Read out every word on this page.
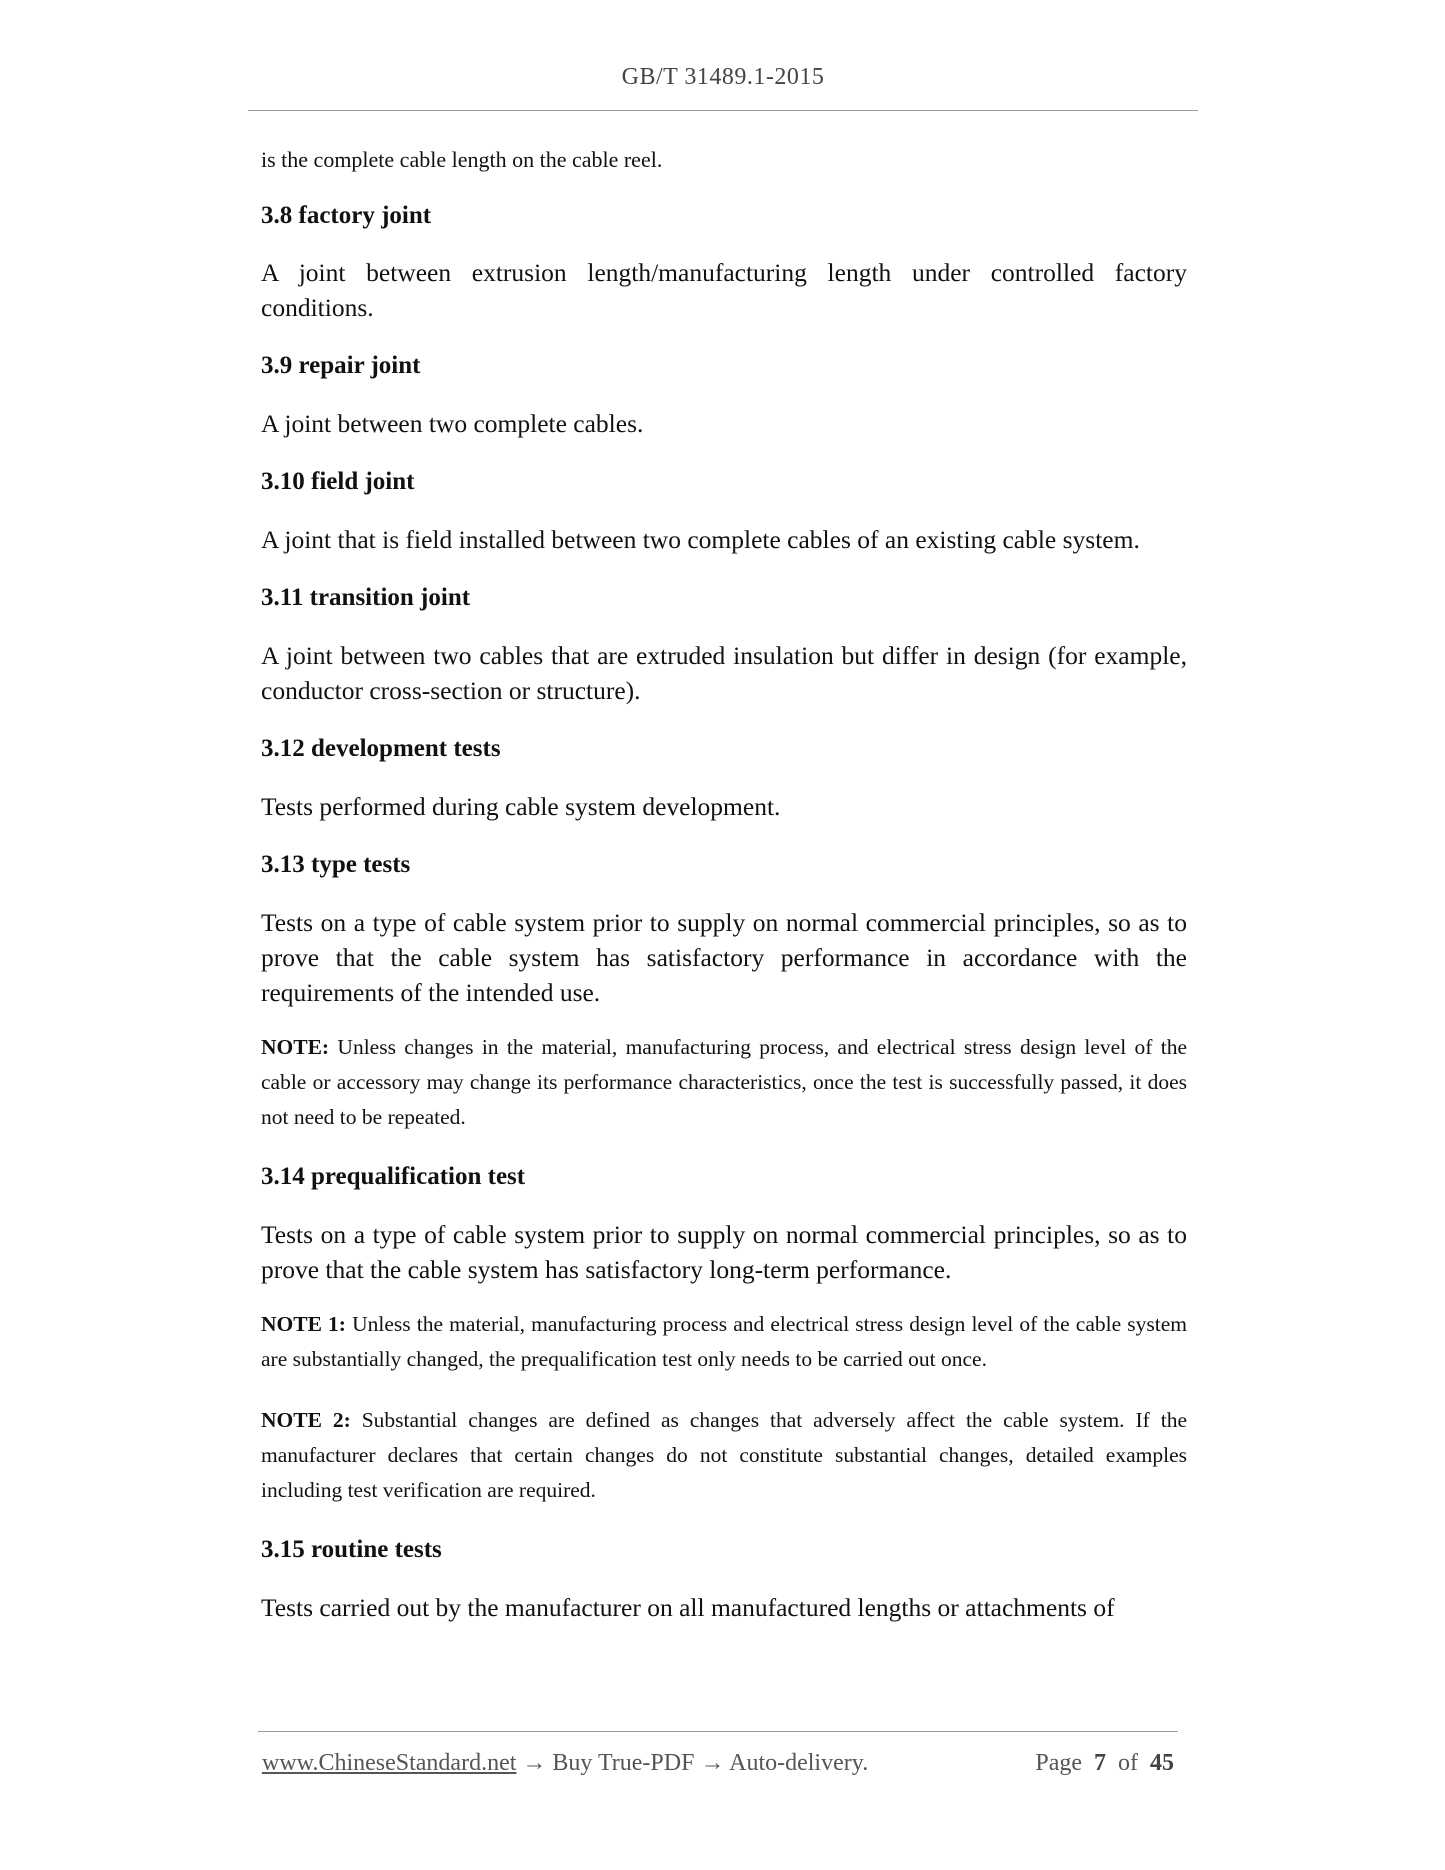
GB/T 31489.1-2015

is the complete cable length on the cable reel.

3.8 factory joint

A joint between extrusion length/manufacturing length under controlled factory conditions.

3.9 repair joint

A joint between two complete cables.

3.10 field joint

A joint that is field installed between two complete cables of an existing cable system.

3.11 transition joint

A joint between two cables that are extruded insulation but differ in design (for example, conductor cross-section or structure).

3.12 development tests

Tests performed during cable system development.

3.13 type tests

Tests on a type of cable system prior to supply on normal commercial principles, so as to prove that the cable system has satisfactory performance in accordance with the requirements of the intended use.

NOTE: Unless changes in the material, manufacturing process, and electrical stress design level of the cable or accessory may change its performance characteristics, once the test is successfully passed, it does not need to be repeated.

3.14 prequalification test

Tests on a type of cable system prior to supply on normal commercial principles, so as to prove that the cable system has satisfactory long-term performance.

NOTE 1: Unless the material, manufacturing process and electrical stress design level of the cable system are substantially changed, the prequalification test only needs to be carried out once.

NOTE 2: Substantial changes are defined as changes that adversely affect the cable system. If the manufacturer declares that certain changes do not constitute substantial changes, detailed examples including test verification are required.

3.15 routine tests

Tests carried out by the manufacturer on all manufactured lengths or attachments of

www.ChineseStandard.net → Buy True-PDF → Auto-delivery.	Page 7 of 45
